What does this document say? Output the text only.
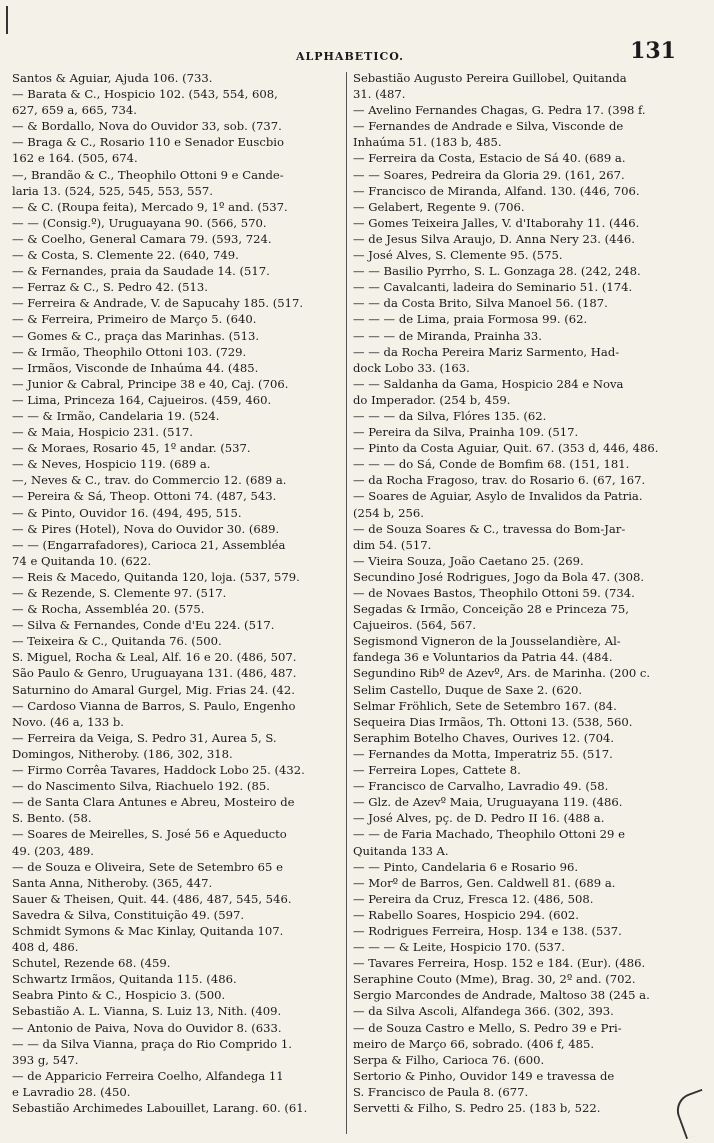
ALPHABETICO.	131
Santos & Aguiar, Ajuda 106. (733.
— Barata & C., Hospicio 102. (543, 554, 608,
627, 659 a, 665, 734.
— & Bordallo, Nova do Ouvidor 33, sob. (737.
— Braga & C., Rosario 110 e Senador Euscbio
162 e 164. (505, 674.
—, Brandão & C., Theophilo Ottoni 9 e Cande-
laria 13. (524, 525, 545, 553, 557.
— & C. (Roupa feita), Mercado 9, 1º and. (537.
— — (Consig.º), Uruguayana 90. (566, 570.
— & Coelho, General Camara 79. (593, 724.
— & Costa, S. Clemente 22. (640, 749.
— & Fernandes, praia da Saudade 14. (517.
— Ferraz & C., S. Pedro 42. (513.
— Ferreira & Andrade, V. de Sapucahy 185. (517.
— & Ferreira, Primeiro de Março 5. (640.
— Gomes & C., praça das Marinhas. (513.
— & Irmão, Theophilo Ottoni 103. (729.
— Irmãos, Visconde de Inhaúma 44. (485.
— Junior & Cabral, Principe 38 e 40, Caj. (706.
— Lima, Princeza 164, Cajueiros. (459, 460.
— — & Irmão, Candelaria 19. (524.
— & Maia, Hospicio 231. (517.
— & Moraes, Rosario 45, 1º andar. (537.
— & Neves, Hospicio 119. (689 a.
—, Neves & C., trav. do Commercio 12. (689 a.
— Pereira & Sá, Theop. Ottoni 74. (487, 543.
— & Pinto, Ouvidor 16. (494, 495, 515.
— & Pires (Hotel), Nova do Ouvidor 30. (689.
— — (Engarrafadores), Carioca 21, Assembléa
74 e Quitanda 10. (622.
— Reis & Macedo, Quitanda 120, loja. (537, 579.
— & Rezende, S. Clemente 97. (517.
— & Rocha, Assembléa 20. (575.
— Silva & Fernandes, Conde d'Eu 224. (517.
— Teixeira & C., Quitanda 76. (500.
S. Miguel, Rocha & Leal, Alf. 16 e 20. (486, 507.
São Paulo & Genro, Uruguayana 131. (486, 487.
Saturnino do Amaral Gurgel, Mig. Frias 24. (42.
— Cardoso Vianna de Barros, S. Paulo, Engenho
Novo. (46 a, 133 b.
— Ferreira da Veiga, S. Pedro 31, Aurea 5, S.
Domingos, Nitheroby. (186, 302, 318.
— Firmo Corrêa Tavares, Haddock Lobo 25. (432.
— do Nascimento Silva, Riachuelo 192. (85.
— de Santa Clara Antunes e Abreu, Mosteiro de
S. Bento. (58.
— Soares de Meirelles, S. José 56 e Aqueducto
49. (203, 489.
— de Souza e Oliveira, Sete de Setembro 65 e
Santa Anna, Nitheroby. (365, 447.
Sauer & Theisen, Quit. 44. (486, 487, 545, 546.
Savedra & Silva, Constituição 49. (597.
Schmidt Symons & Mac Kinlay, Quitanda 107.
408 d, 486.
Schutel, Rezende 68. (459.
Schwartz Irmãos, Quitanda 115. (486.
Seabra Pinto & C., Hospicio 3. (500.
Sebastião A. L. Vianna, S. Luiz 13, Nith. (409.
— Antonio de Paiva, Nova do Ouvidor 8. (633.
— — da Silva Vianna, praça do Rio Comprido 1.
393 g, 547.
— de Apparicio Ferreira Coelho, Alfandega 11
e Lavradio 28. (450.
Sebastião Archimedes Labouillet, Larang. 60. (61.
Sebastião Augusto Pereira Guillobel, Quitanda
31. (487.
— Avelino Fernandes Chagas, G. Pedra 17. (398 f.
— Fernandes de Andrade e Silva, Visconde de
Inhaúma 51. (183 b, 485.
— Ferreira da Costa, Estacio de Sá 40. (689 a.
— — Soares, Pedreira da Gloria 29. (161, 267.
— Francisco de Miranda, Alfand. 130. (446, 706.
— Gelabert, Regente 9. (706.
— Gomes Teixeira Jalles, V. d'Itaborahy 11. (446.
— de Jesus Silva Araujo, D. Anna Nery 23. (446.
— José Alves, S. Clemente 95. (575.
— — Basilio Pyrrho, S. L. Gonzaga 28. (242, 248.
— — Cavalcanti, ladeira do Seminario 51. (174.
— — da Costa Brito, Silva Manoel 56. (187.
— — — de Lima, praia Formosa 99. (62.
— — — de Miranda, Prainha 33.
— — da Rocha Pereira Mariz Sarmento, Had-
dock Lobo 33. (163.
— — Saldanha da Gama, Hospicio 284 e Nova
do Imperador. (254 b, 459.
— — — da Silva, Flóres 135. (62.
— Pereira da Silva, Prainha 109. (517.
— Pinto da Costa Aguiar, Quit. 67. (353 d, 446, 486.
— — — do Sá, Conde de Bomfim 68. (151, 181.
— da Rocha Fragoso, trav. do Rosario 6. (67, 167.
— Soares de Aguiar, Asylo de Invalidos da Patria.
(254 b, 256.
— de Souza Soares & C., travessa do Bom-Jar-
dim 54. (517.
— Vieira Souza, João Caetano 25. (269.
Secundino José Rodrigues, Jogo da Bola 47. (308.
— de Novaes Bastos, Theophilo Ottoni 59. (734.
Segadas & Irmão, Conceição 28 e Princeza 75,
Cajueiros. (564, 567.
Segismond Vigneron de la Jousselandière, Al-
fandega 36 e Voluntarios da Patria 44. (484.
Segundino Ribº de Azevº, Ars. de Marinha. (200 c.
Selim Castello, Duque de Saxe 2. (620.
Selmar Fröhlich, Sete de Setembro 167. (84.
Sequeira Dias Irmãos, Th. Ottoni 13. (538, 560.
Seraphim Botelho Chaves, Ourives 12. (704.
— Fernandes da Motta, Imperatriz 55. (517.
— Ferreira Lopes, Cattete 8.
— Francisco de Carvalho, Lavradio 49. (58.
— Glz. de Azevº Maia, Uruguayana 119. (486.
— José Alves, pç. de D. Pedro II 16. (488 a.
— — de Faria Machado, Theophilo Ottoni 29 e
Quitanda 133 A.
— — Pinto, Candelaria 6 e Rosario 96.
— Morº de Barros, Gen. Caldwell 81. (689 a.
— Pereira da Cruz, Fresca 12. (486, 508.
— Rabello Soares, Hospicio 294. (602.
— Rodrigues Ferreira, Hosp. 134 e 138. (537.
— — — & Leite, Hospicio 170. (537.
— Tavares Ferreira, Hosp. 152 e 184. (Eur). (486.
Seraphine Couto (Mme), Brag. 30, 2º and. (702.
Sergio Marcondes de Andrade, Maltoso 38 (245 a.
— da Silva Ascoli, Alfandega 366. (302, 393.
— de Souza Castro e Mello, S. Pedro 39 e Pri-
meiro de Março 66, sobrado. (406 f, 485.
Serpa & Filho, Carioca 76. (600.
Sertorio & Pinho, Ouvidor 149 e travessa de
S. Francisco de Paula 8. (677.
Servetti & Filho, S. Pedro 25. (183 b, 522.
